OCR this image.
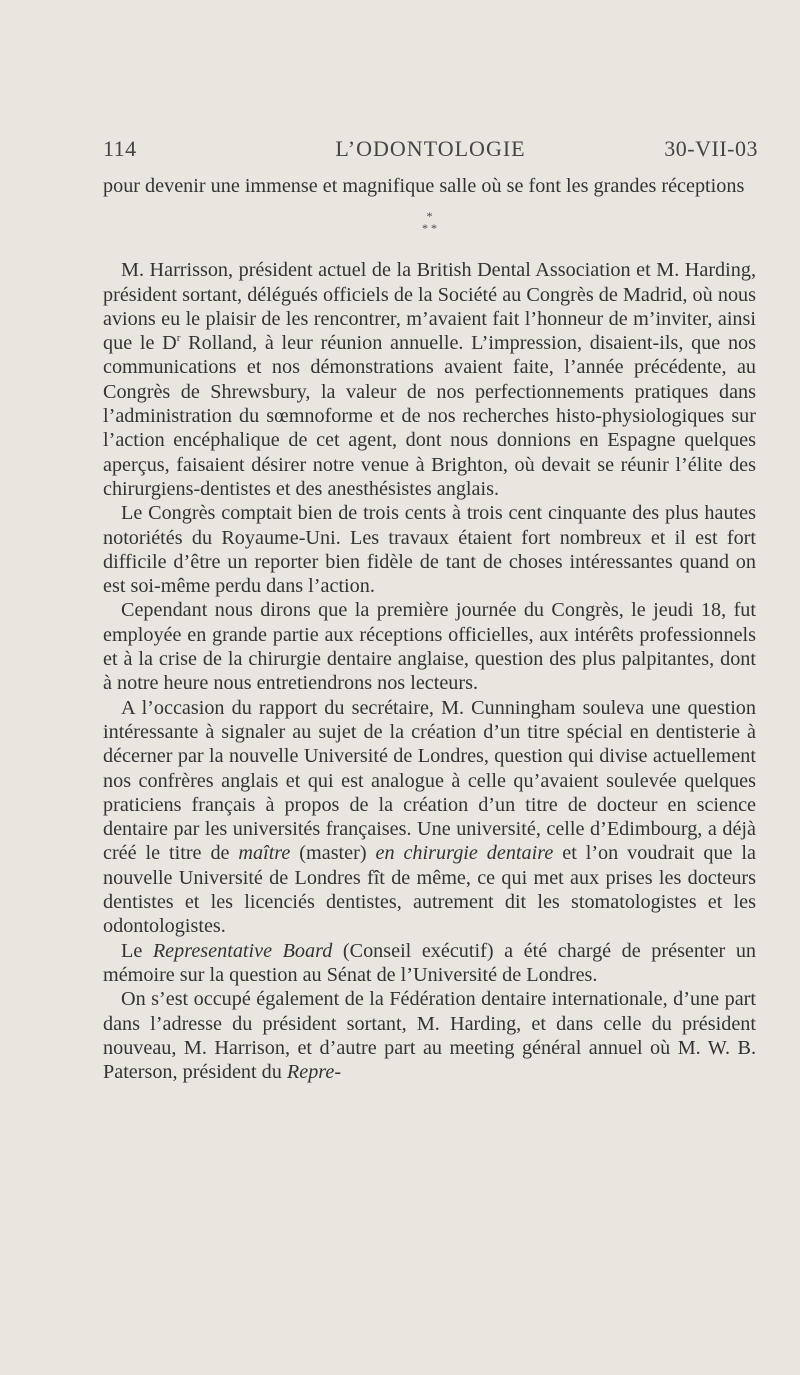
114	L’ODONTOLOGIE	30-VII-03

pour devenir une immense et magnifique salle où se font les grandes réceptions

*
* *

M. Harrisson, président actuel de la British Dental Association et M. Harding, président sortant, délégués officiels de la Société au Congrès de Madrid, où nous avions eu le plaisir de les rencontrer, m’avaient fait l’honneur de m’inviter, ainsi que le $D^r$ Rolland, à leur réunion annuelle. L’impression, disaient-ils, que nos communications et nos démonstrations avaient faite, l’année précédente, au Congrès de Shrewsbury, la valeur de nos perfectionnements pratiques dans l’administration du sœmnoforme et de nos recherches histo-physiologiques sur l’action encéphalique de cet agent, dont nous donnions en Espagne quelques aperçus, faisaient désirer notre venue à Brighton, où devait se réunir l’élite des chirurgiens-dentistes et des anesthésistes anglais.

Le Congrès comptait bien de trois cents à trois cent cinquante des plus hautes notoriétés du Royaume-Uni. Les travaux étaient fort nombreux et il est fort difficile d’être un reporter bien fidèle de tant de choses intéressantes quand on est soi-même perdu dans l’action.

Cependant nous dirons que la première journée du Congrès, le jeudi 18, fut employée en grande partie aux réceptions officielles, aux intérêts professionnels et à la crise de la chirurgie dentaire anglaise, question des plus palpitantes, dont à notre heure nous entretiendrons nos lecteurs.

A l’occasion du rapport du secrétaire, M. Cunningham souleva une question intéressante à signaler au sujet de la création d’un titre spécial en dentisterie à décerner par la nouvelle Université de Londres, question qui divise actuellement nos confrères anglais et qui est analogue à celle qu’avaient soulevée quelques praticiens français à propos de la création d’un titre de docteur en science dentaire par les universités françaises. Une université, celle d’Edimbourg, a déjà créé le titre de maître (master) en chirurgie dentaire et l’on voudrait que la nouvelle Université de Londres fît de même, ce qui met aux prises les docteurs dentistes et les licenciés dentistes, autrement dit les stomatologistes et les odontologistes.

Le Representative Board (Conseil exécutif) a été chargé de présenter un mémoire sur la question au Sénat de l’Université de Londres.

On s’est occupé également de la Fédération dentaire internationale, d’une part dans l’adresse du président sortant, M. Harding, et dans celle du président nouveau, M. Harrison, et d’autre part au meeting général annuel où M. W. B. Paterson, président du Repre-
